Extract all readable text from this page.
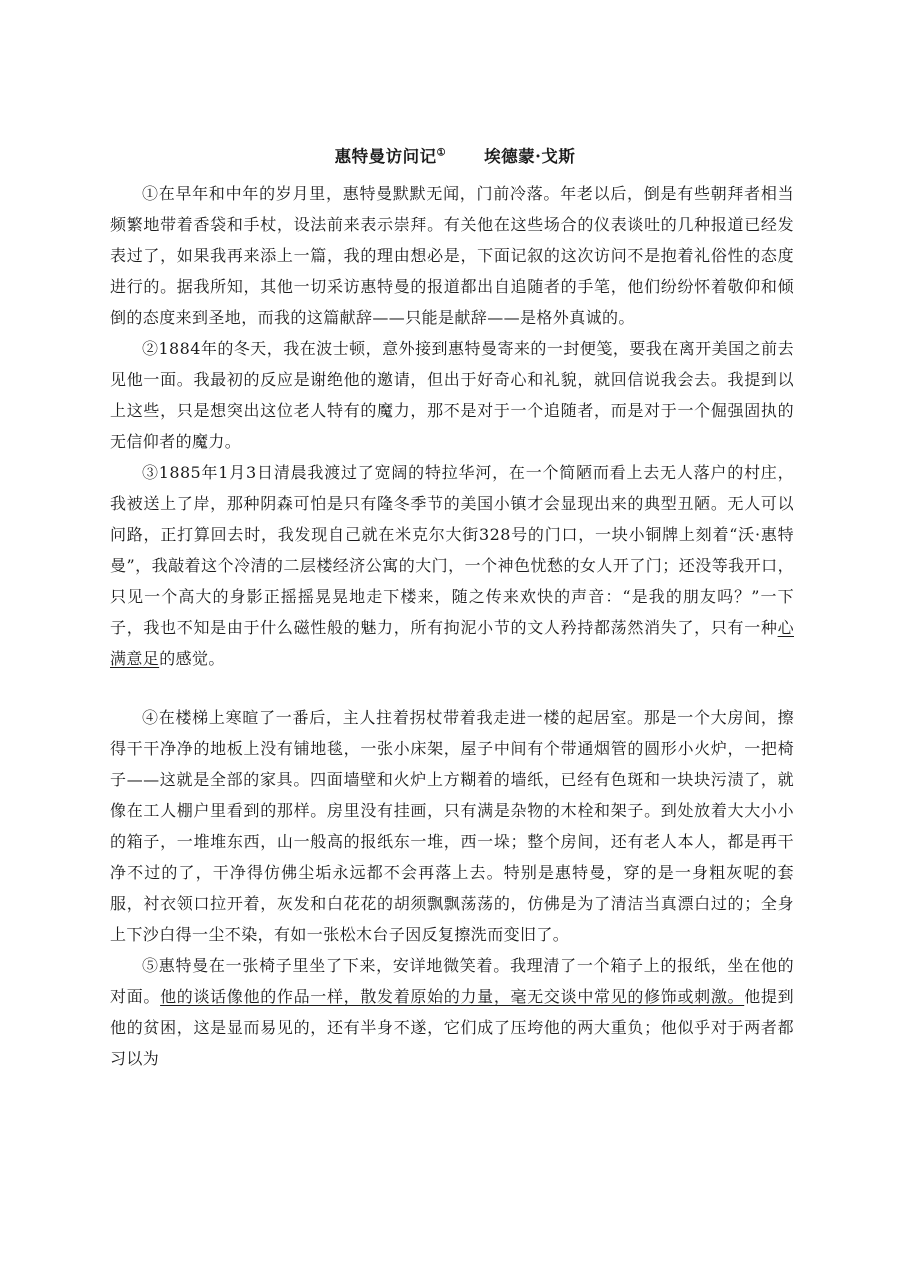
惠特曼访问记① 埃德蒙·戈斯

①在早年和中年的岁月里，惠特曼默默无闻，门前冷落。年老以后，倒是有些朝拜者相当频繁地带着香袋和手杖，设法前来表示崇拜。有关他在这些场合的仪表谈吐的几种报道已经发表过了，如果我再来添上一篇，我的理由想必是，下面记叙的这次访问不是抱着礼俗性的态度进行的。据我所知，其他一切采访惠特曼的报道都出自追随者的手笔，他们纷纷怀着敬仰和倾倒的态度来到圣地，而我的这篇献辞——只能是献辞——是格外真诚的。

②1884年的冬天，我在波士顿，意外接到惠特曼寄来的一封便笺，要我在离开美国之前去见他一面。我最初的反应是谢绝他的邀请，但出于好奇心和礼貌，就回信说我会去。我提到以上这些，只是想突出这位老人特有的魔力，那不是对于一个追随者，而是对于一个倔强固执的无信仰者的魔力。

③1885年1月3日清晨我渡过了宽阔的特拉华河，在一个简陋而看上去无人落户的村庄，我被送上了岸，那种阴森可怕是只有隆冬季节的美国小镇才会显现出来的典型丑陋。无人可以问路，正打算回去时，我发现自己就在米克尔大街328号的门口，一块小铜牌上刻着“沃·惠特曼”，我敲着这个冷清的二层楼经济公寓的大门，一个神色忧愁的女人开了门；还没等我开口，只见一个高大的身影正摇摇晃晃地走下楼来，随之传来欢快的声音：“是我的朋友吗？”一下子，我也不知是由于什么磁性般的魅力，所有拘泥小节的文人矜持都荡然消失了，只有一种心满意足的感觉。

④在楼梯上寒暄了一番后，主人拄着拐杖带着我走进一楼的起居室。那是一个大房间，擦得干干净净的地板上没有铺地毯，一张小床架，屋子中间有个带通烟管的圆形小火炉，一把椅子——这就是全部的家具。四面墙壁和火炉上方糊着的墙纸，已经有色斑和一块块污渍了，就像在工人棚户里看到的那样。房里没有挂画，只有满是杂物的木栓和架子。到处放着大大小小的箱子，一堆堆东西，山一般高的报纸东一堆，西一垛；整个房间，还有老人本人，都是再干净不过的了，干净得仿佛尘垢永远都不会再落上去。特别是惠特曼，穿的是一身粗灰呢的套服，衬衣领口拉开着，灰发和白花花的胡须飘飘荡荡的，仿佛是为了清洁当真漂白过的；全身上下沙白得一尘不染，有如一张松木台子因反复擦洗而变旧了。

⑤惠特曼在一张椅子里坐了下来，安详地微笑着。我理清了一个箱子上的报纸，坐在他的对面。他的谈话像他的作品一样，散发着原始的力量，毫无交谈中常见的修饰或刺激。他提到他的贫困，这是显而易见的，还有半身不遂，它们成了压垮他的两大重负；他似乎对于两者都习以为
